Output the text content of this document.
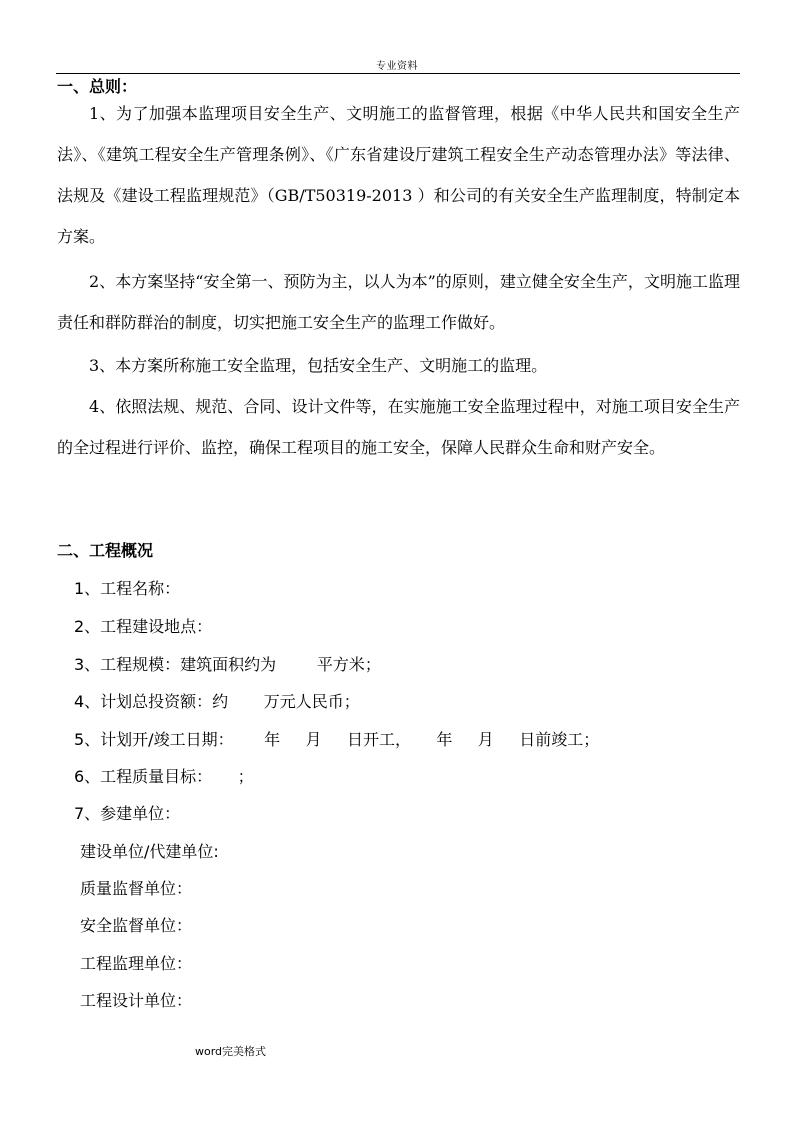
专业资料
一、总则：
1、为了加强本监理项目安全生产、文明施工的监督管理，根据《中华人民共和国安全生产法》、《建筑工程安全生产管理条例》、《广东省建设厅建筑工程安全生产动态管理办法》等法律、法规及《建设工程监理规范》（GB/T50319-2013 ）和公司的有关安全生产监理制度，特制定本方案。
2、本方案坚持“安全第一、预防为主，以人为本”的原则，建立健全安全生产，文明施工监理责任和群防群治的制度，切实把施工安全生产的监理工作做好。
3、本方案所称施工安全监理，包括安全生产、文明施工的监理。
4、依照法规、规范、合同、设计文件等，在实施施工安全监理过程中，对施工项目安全生产的全过程进行评价、监控，确保工程项目的施工安全，保障人民群众生命和财产安全。
二、工程概况
1、工程名称：
2、工程建设地点：
3、工程规模：建筑面积约为        平方米；
4、计划总投资额：约       万元人民币；
5、计划开/竣工日期：      年     月     日开工，     年     月     日前竣工；
6、工程质量目标：     ；
7、参建单位：
建设单位/代建单位:
质量监督单位：
安全监督单位：
工程监理单位：
工程设计单位：
word完美格式
